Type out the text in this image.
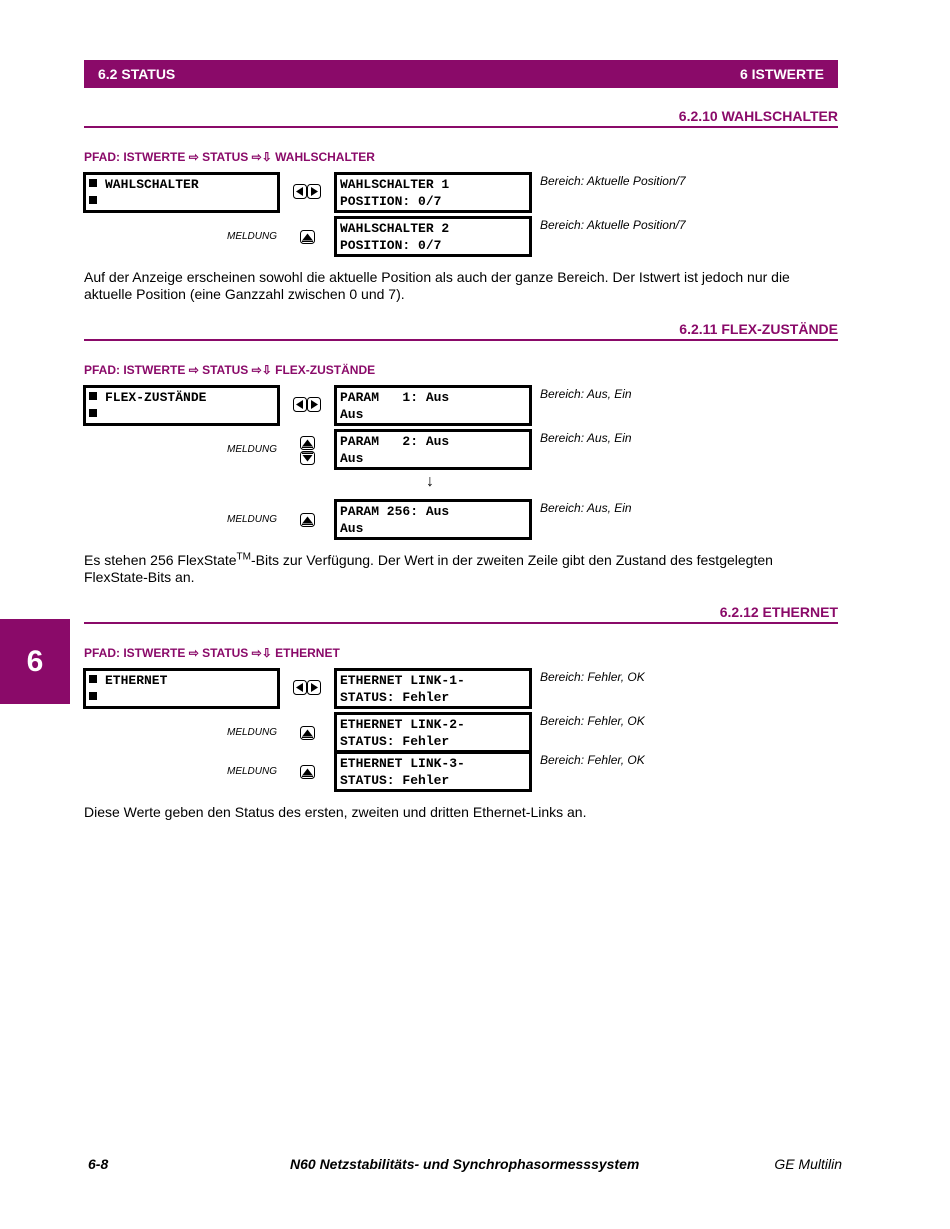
6.2 STATUS	6 ISTWERTE
6.2.10 WAHLSCHALTER
PFAD: ISTWERTE ⇨ STATUS ⇨⇩ WAHLSCHALTER
WAHLSCHALTER	WAHLSCHALTER 1
POSITION: 0/7
Bereich: Aktuelle Position/7
MELDUNG
WAHLSCHALTER 2
POSITION: 0/7
Bereich: Aktuelle Position/7
Auf der Anzeige erscheinen sowohl die aktuelle Position als auch der ganze Bereich. Der Istwert ist jedoch nur die aktuelle Position (eine Ganzzahl zwischen 0 und 7).
6.2.11 FLEX-ZUSTÄNDE
PFAD: ISTWERTE ⇨ STATUS ⇨⇩ FLEX-ZUSTÄNDE
FLEX-ZUSTÄNDE	PARAM   1: Aus
Aus
Bereich: Aus, Ein
MELDUNG
PARAM   2: Aus
Aus
Bereich: Aus, Ein
↓
MELDUNG
PARAM 256: Aus
Aus
Bereich: Aus, Ein
Es stehen 256 FlexState™-Bits zur Verfügung. Der Wert in der zweiten Zeile gibt den Zustand des festgelegten FlexState-Bits an.
6.2.12 ETHERNET
6	PFAD: ISTWERTE ⇨ STATUS ⇨⇩ ETHERNET
ETHERNET	ETHERNET LINK-1-
STATUS: Fehler
Bereich: Fehler, OK
MELDUNG
ETHERNET LINK-2-
STATUS: Fehler
Bereich: Fehler, OK
MELDUNG
ETHERNET LINK-3-
STATUS: Fehler
Bereich: Fehler, OK
Diese Werte geben den Status des ersten, zweiten und dritten Ethernet-Links an.
6-8	N60 Netzstabilitäts- und Synchrophasormesssystem	GE Multilin
